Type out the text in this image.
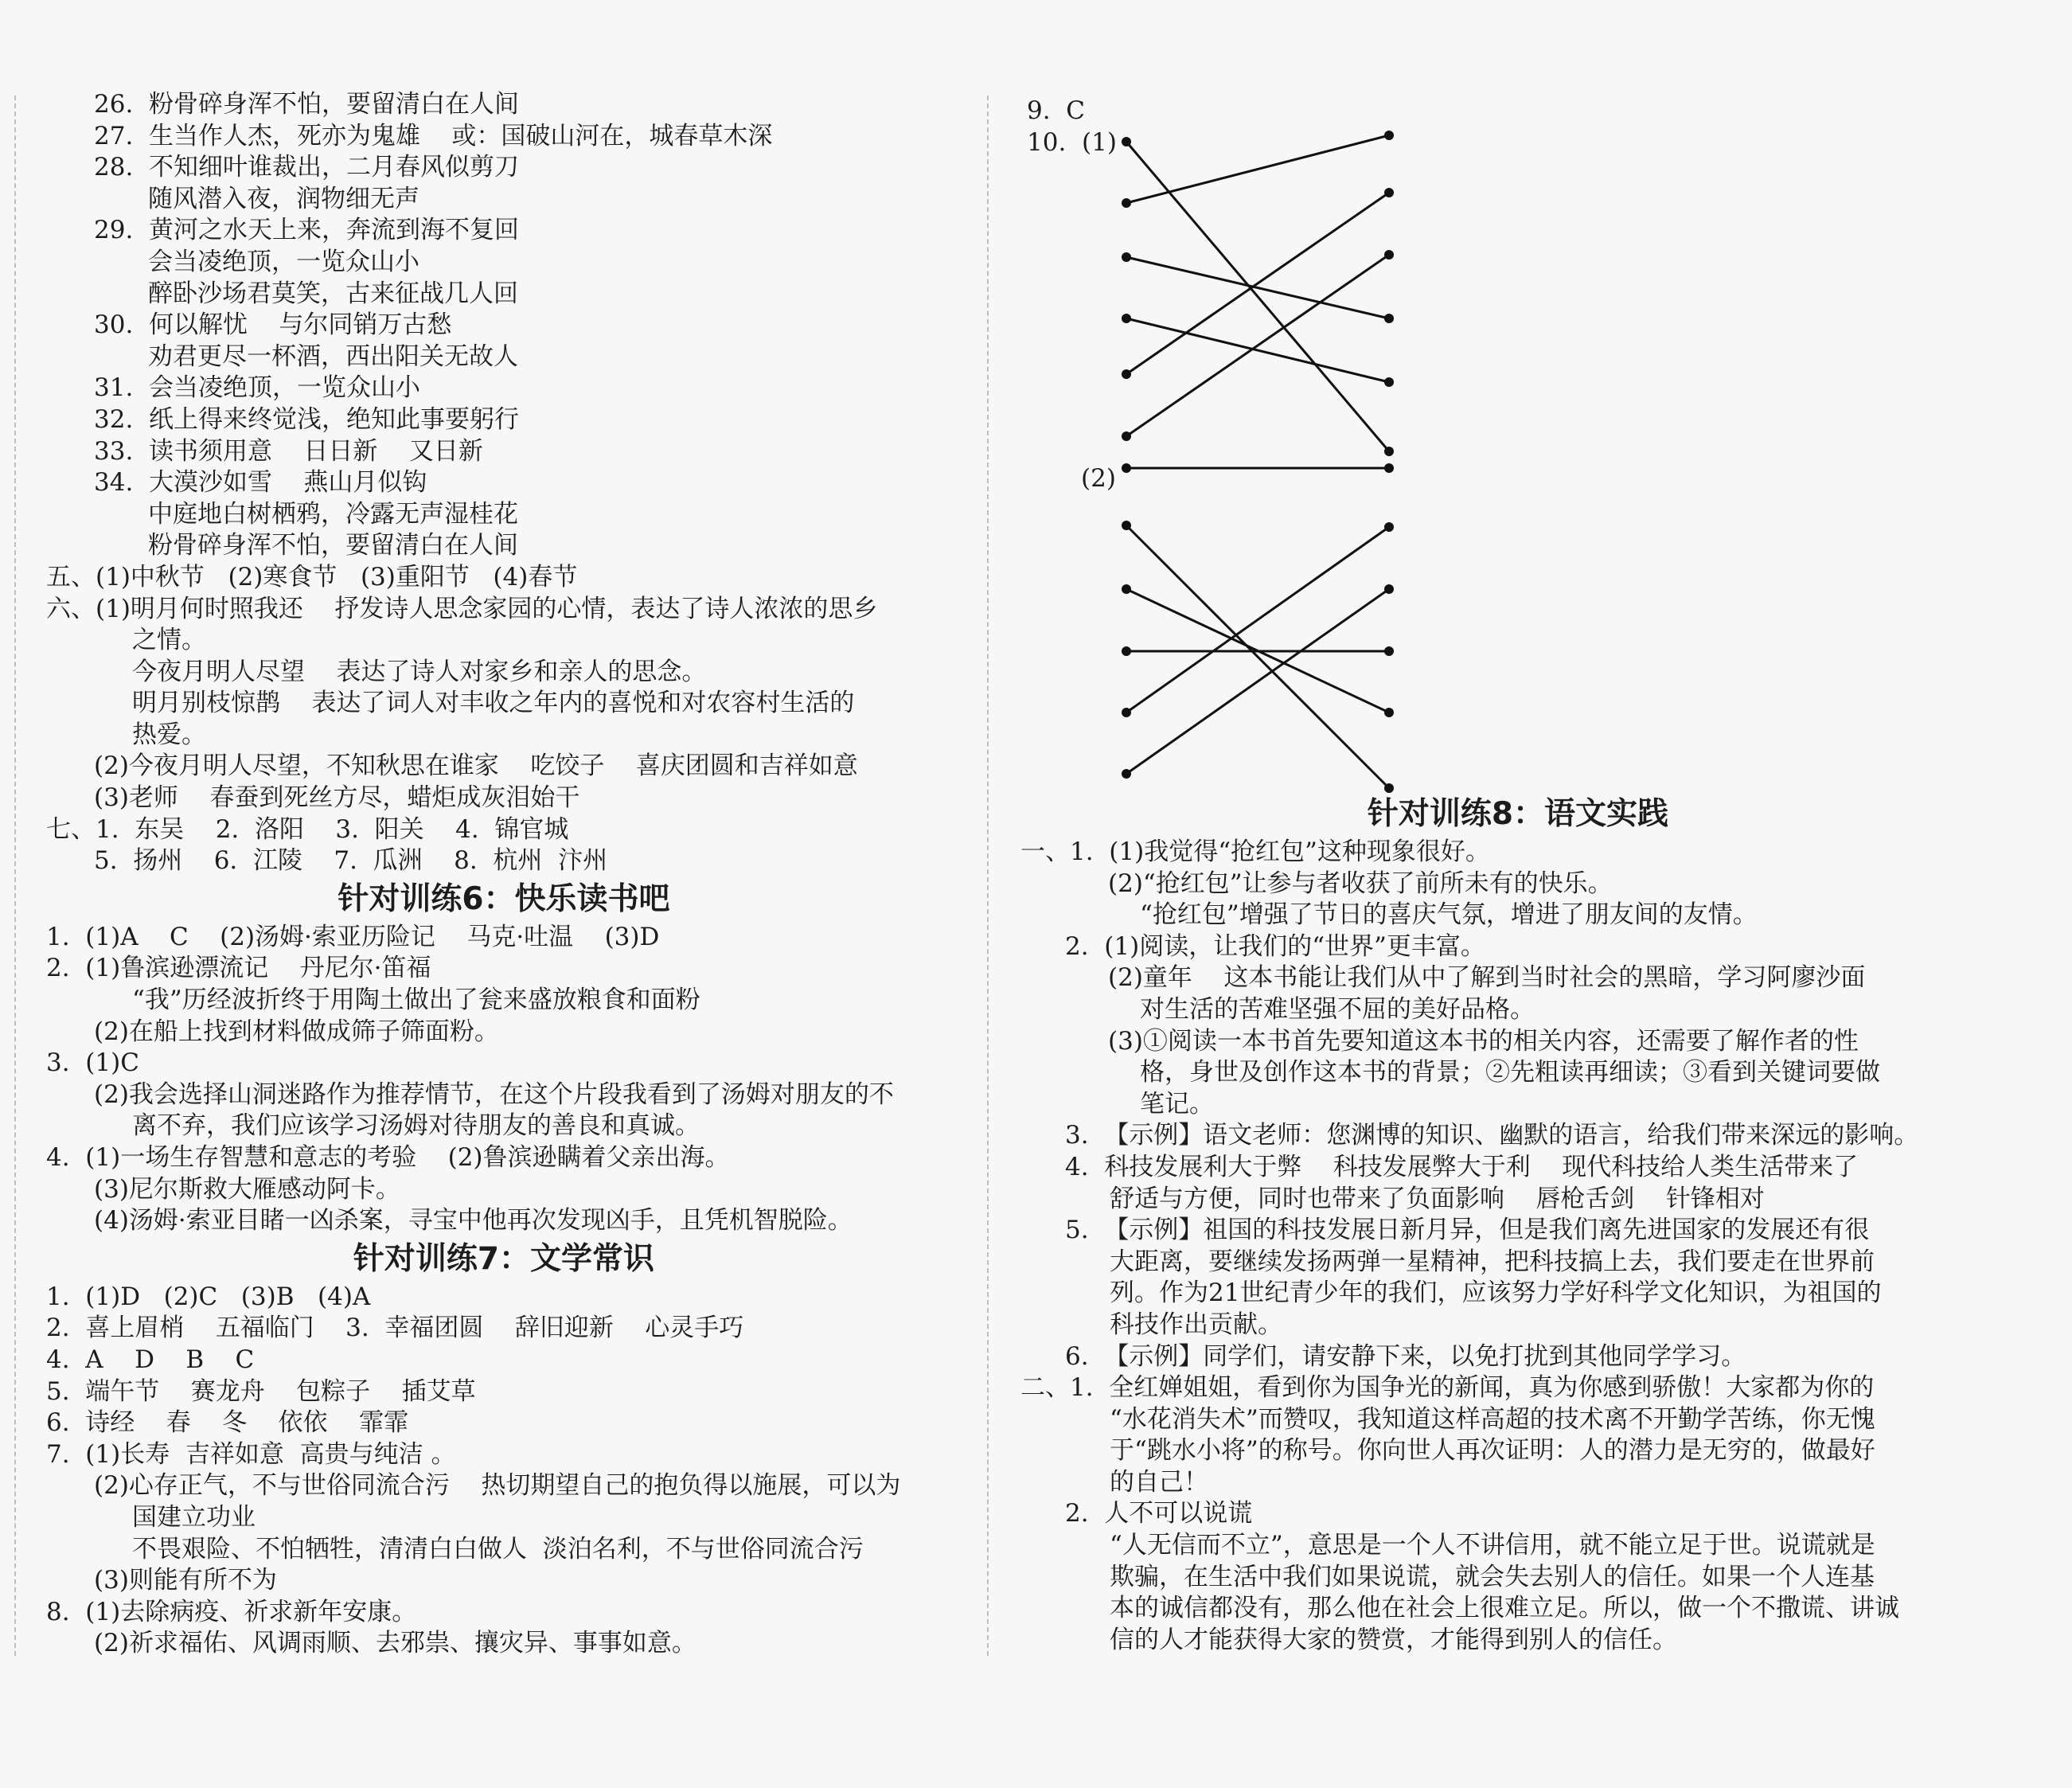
26.  粉骨碎身浑不怕，要留清白在人间
27.  生当作人杰，死亦为鬼雄    或：国破山河在，城春草木深
28.  不知细叶谁裁出，二月春风似剪刀
随风潜入夜，润物细无声
29.  黄河之水天上来，奔流到海不复回
会当凌绝顶，一览众山小
醉卧沙场君莫笑，古来征战几人回
30.  何以解忧    与尔同销万古愁
劝君更尽一杯酒，西出阳关无故人
31.  会当凌绝顶，一览众山小
32.  纸上得来终觉浅，绝知此事要躬行
33.  读书须用意    日日新    又日新
34.  大漠沙如雪    燕山月似钩
中庭地白树栖鸦，冷露无声湿桂花
粉骨碎身浑不怕，要留清白在人间
五、(1)中秋节   (2)寒食节   (3)重阳节   (4)春节
六、(1)明月何时照我还    抒发诗人思念家园的心情，表达了诗人浓浓的思乡
之情。
今夜月明人尽望    表达了诗人对家乡和亲人的思念。
明月别枝惊鹊    表达了词人对丰收之年内的喜悦和对农容村生活的
热爱。
(2)今夜月明人尽望，不知秋思在谁家    吃饺子    喜庆团圆和吉祥如意
(3)老师    春蚕到死丝方尽，蜡炬成灰泪始干
七、1.  东吴    2.  洛阳    3.  阳关    4.  锦官城
5.  扬州    6.  江陵    7.  瓜洲    8.  杭州  汴州
针对训练6：快乐读书吧
1.  (1)A    C    (2)汤姆·索亚历险记    马克·吐温    (3)D
2.  (1)鲁滨逊漂流记    丹尼尔·笛福
“我”历经波折终于用陶土做出了瓮来盛放粮食和面粉
(2)在船上找到材料做成筛子筛面粉。
3.  (1)C
(2)我会选择山洞迷路作为推荐情节，在这个片段我看到了汤姆对朋友的不
离不弃，我们应该学习汤姆对待朋友的善良和真诚。
4.  (1)一场生存智慧和意志的考验    (2)鲁滨逊瞒着父亲出海。
(3)尼尔斯救大雁感动阿卡。
(4)汤姆·索亚目睹一凶杀案，寻宝中他再次发现凶手，且凭机智脱险。
针对训练7：文学常识
1.  (1)D   (2)C   (3)B   (4)A
2.  喜上眉梢    五福临门    3.  幸福团圆    辞旧迎新    心灵手巧
4.  A    D    B    C
5.  端午节    赛龙舟    包粽子    插艾草
6.  诗经    春    冬    依依    霏霏
7.  (1)长寿  吉祥如意  高贵与纯洁 。
(2)心存正气，不与世俗同流合污    热切期望自己的抱负得以施展，可以为
国建立功业
不畏艰险、不怕牺牲，清清白白做人  淡泊名利，不与世俗同流合污
(3)则能有所不为
8.  (1)去除病疫、祈求新年安康。
(2)祈求福佑、风调雨顺、去邪祟、攘灾异、事事如意。
9.  C
10.  (1)
(2)
针对训练8：语文实践
一、1.  (1)我觉得“抢红包”这种现象很好。
(2)“抢红包”让参与者收获了前所未有的快乐。
“抢红包”增强了节日的喜庆气氛，增进了朋友间的友情。
2.  (1)阅读，让我们的“世界”更丰富。
(2)童年    这本书能让我们从中了解到当时社会的黑暗，学习阿廖沙面
对生活的苦难坚强不屈的美好品格。
(3)①阅读一本书首先要知道这本书的相关内容，还需要了解作者的性
格，身世及创作这本书的背景；②先粗读再细读；③看到关键词要做
笔记。
3.  【示例】语文老师：您渊博的知识、幽默的语言，给我们带来深远的影响。
4.  科技发展利大于弊    科技发展弊大于利    现代科技给人类生活带来了
舒适与方便，同时也带来了负面影响    唇枪舌剑    针锋相对
5.  【示例】祖国的科技发展日新月异，但是我们离先进国家的发展还有很
大距离，要继续发扬两弹一星精神，把科技搞上去，我们要走在世界前
列。作为21世纪青少年的我们，应该努力学好科学文化知识，为祖国的
科技作出贡献。
6.  【示例】同学们，请安静下来，以免打扰到其他同学学习。
二、1.  全红婵姐姐，看到你为国争光的新闻，真为你感到骄傲！大家都为你的
“水花消失术”而赞叹，我知道这样高超的技术离不开勤学苦练，你无愧
于“跳水小将”的称号。你向世人再次证明：人的潜力是无穷的，做最好
的自己！
2.  人不可以说谎
“人无信而不立”，意思是一个人不讲信用，就不能立足于世。说谎就是
欺骗，在生活中我们如果说谎，就会失去别人的信任。如果一个人连基
本的诚信都没有，那么他在社会上很难立足。所以，做一个不撒谎、讲诚
信的人才能获得大家的赞赏，才能得到别人的信任。
